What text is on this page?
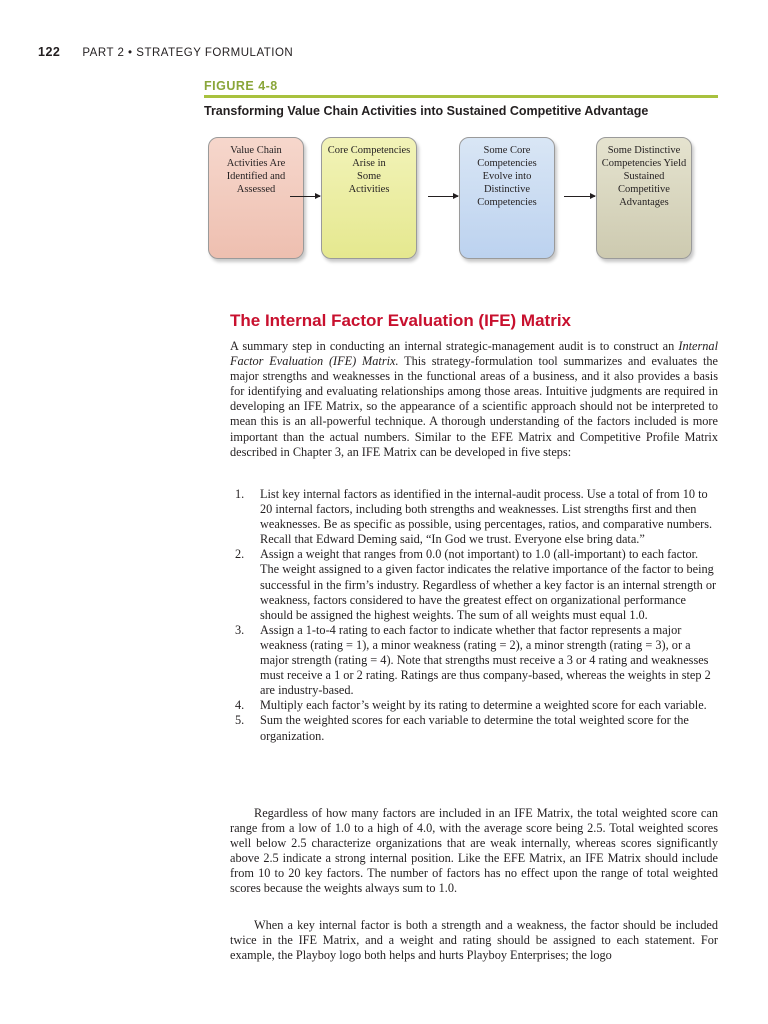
122 PART 2 • STRATEGY FORMULATION
FIGURE 4-8
Transforming Value Chain Activities into Sustained Competitive Advantage
Value Chain
Activities Are
Identified and
Assessed
Core Competencies
Arise in
Some
Activities
Some Core
Competencies
Evolve into
Distinctive
Competencies
Some Distinctive
Competencies Yield
Sustained
Competitive
Advantages
The Internal Factor Evaluation (IFE) Matrix

A summary step in conducting an internal strategic-management audit is to construct an Internal Factor Evaluation (IFE) Matrix. This strategy-formulation tool summarizes and evaluates the major strengths and weaknesses in the functional areas of a business, and it also provides a basis for identifying and evaluating relationships among those areas. Intuitive judgments are required in developing an IFE Matrix, so the appearance of a scientific approach should not be interpreted to mean this is an all-powerful technique. A thorough understanding of the factors included is more important than the actual numbers. Similar to the EFE Matrix and Competitive Profile Matrix described in Chapter 3, an IFE Matrix can be developed in five steps:

1. List key internal factors as identified in the internal-audit process. Use a total of from 10 to 20 internal factors, including both strengths and weaknesses. List strengths first and then weaknesses. Be as specific as possible, using percentages, ratios, and comparative numbers. Recall that Edward Deming said, “In God we trust. Everyone else bring data.”
2. Assign a weight that ranges from 0.0 (not important) to 1.0 (all-important) to each factor. The weight assigned to a given factor indicates the relative importance of the factor to being successful in the firm’s industry. Regardless of whether a key factor is an internal strength or weakness, factors considered to have the greatest effect on organizational performance should be assigned the highest weights. The sum of all weights must equal 1.0.
3. Assign a 1-to-4 rating to each factor to indicate whether that factor represents a major weakness (rating = 1), a minor weakness (rating = 2), a minor strength (rating = 3), or a major strength (rating = 4). Note that strengths must receive a 3 or 4 rating and weaknesses must receive a 1 or 2 rating. Ratings are thus company-based, whereas the weights in step 2 are industry-based.
4. Multiply each factor’s weight by its rating to determine a weighted score for each variable.
5. Sum the weighted scores for each variable to determine the total weighted score for the organization.

Regardless of how many factors are included in an IFE Matrix, the total weighted score can range from a low of 1.0 to a high of 4.0, with the average score being 2.5. Total weighted scores well below 2.5 characterize organizations that are weak internally, whereas scores significantly above 2.5 indicate a strong internal position. Like the EFE Matrix, an IFE Matrix should include from 10 to 20 key factors. The number of factors has no effect upon the range of total weighted scores because the weights always sum to 1.0.

When a key internal factor is both a strength and a weakness, the factor should be included twice in the IFE Matrix, and a weight and rating should be assigned to each statement. For example, the Playboy logo both helps and hurts Playboy Enterprises; the logo
